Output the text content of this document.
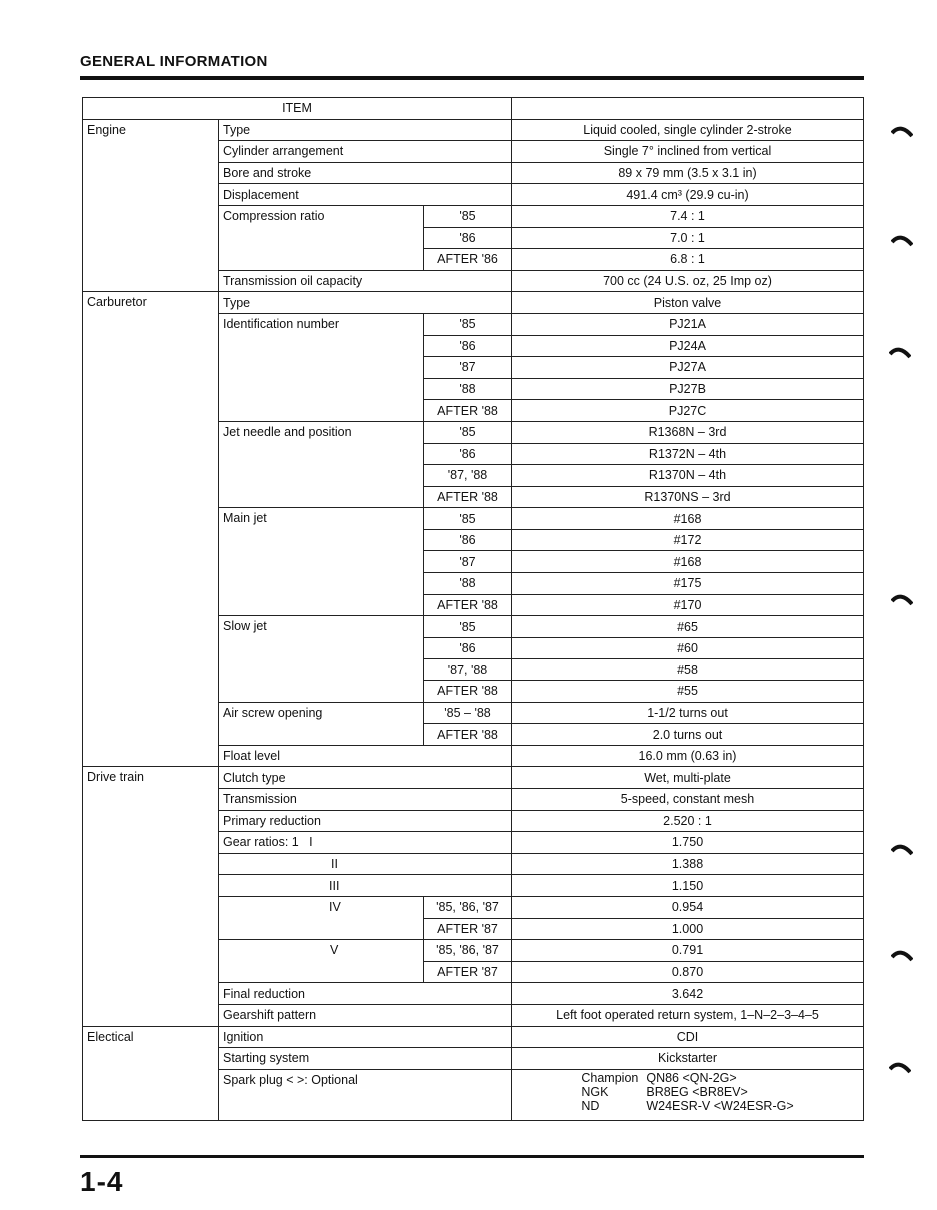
GENERAL INFORMATION
ITEM	
Engine	Type	Liquid cooled, single cylinder 2-stroke
Cylinder arrangement	Single 7° inclined from vertical
Bore and stroke	89 x 79 mm (3.5 x 3.1 in)
Displacement	491.4 cm³ (29.9 cu-in)
Compression ratio	'85	7.4 : 1
'86	7.0 : 1
AFTER '86	6.8 : 1
Transmission oil capacity	700 cc (24 U.S. oz, 25 Imp oz)
Carburetor	Type	Piston valve
Identification number	'85	PJ21A
'86	PJ24A
'87	PJ27A
'88	PJ27B
AFTER '88	PJ27C
Jet needle and position	'85	R1368N – 3rd
'86	R1372N – 4th
'87, '88	R1370N – 4th
AFTER '88	R1370NS – 3rd
Main jet	'85	#168
'86	#172
'87	#168
'88	#175
AFTER '88	#170
Slow jet	'85	#65
'86	#60
'87, '88	#58
AFTER '88	#55
Air screw opening	'85 – '88	1-1/2 turns out
AFTER '88	2.0 turns out
Float level	16.0 mm (0.63 in)
Drive train	Clutch type	Wet, multi-plate
Transmission	5-speed, constant mesh
Primary reduction	2.520 : 1
Gear ratios: 1 I	1.750
II	1.388
III	1.150
IV	'85, '86, '87	0.954
AFTER '87	1.000
V	'85, '86, '87	0.791
AFTER '87	0.870
Final reduction	3.642
Gearshift pattern	Left foot operated return system, 1–N–2–3–4–5
Electical	Ignition	CDI
Starting system	Kickstarter
Spark plug < >: Optional		Champion	QN86 <QN-2G>
NGK	BR8EG <BR8EV>
ND	W24ESR-V <W24ESR-G>
1-4
